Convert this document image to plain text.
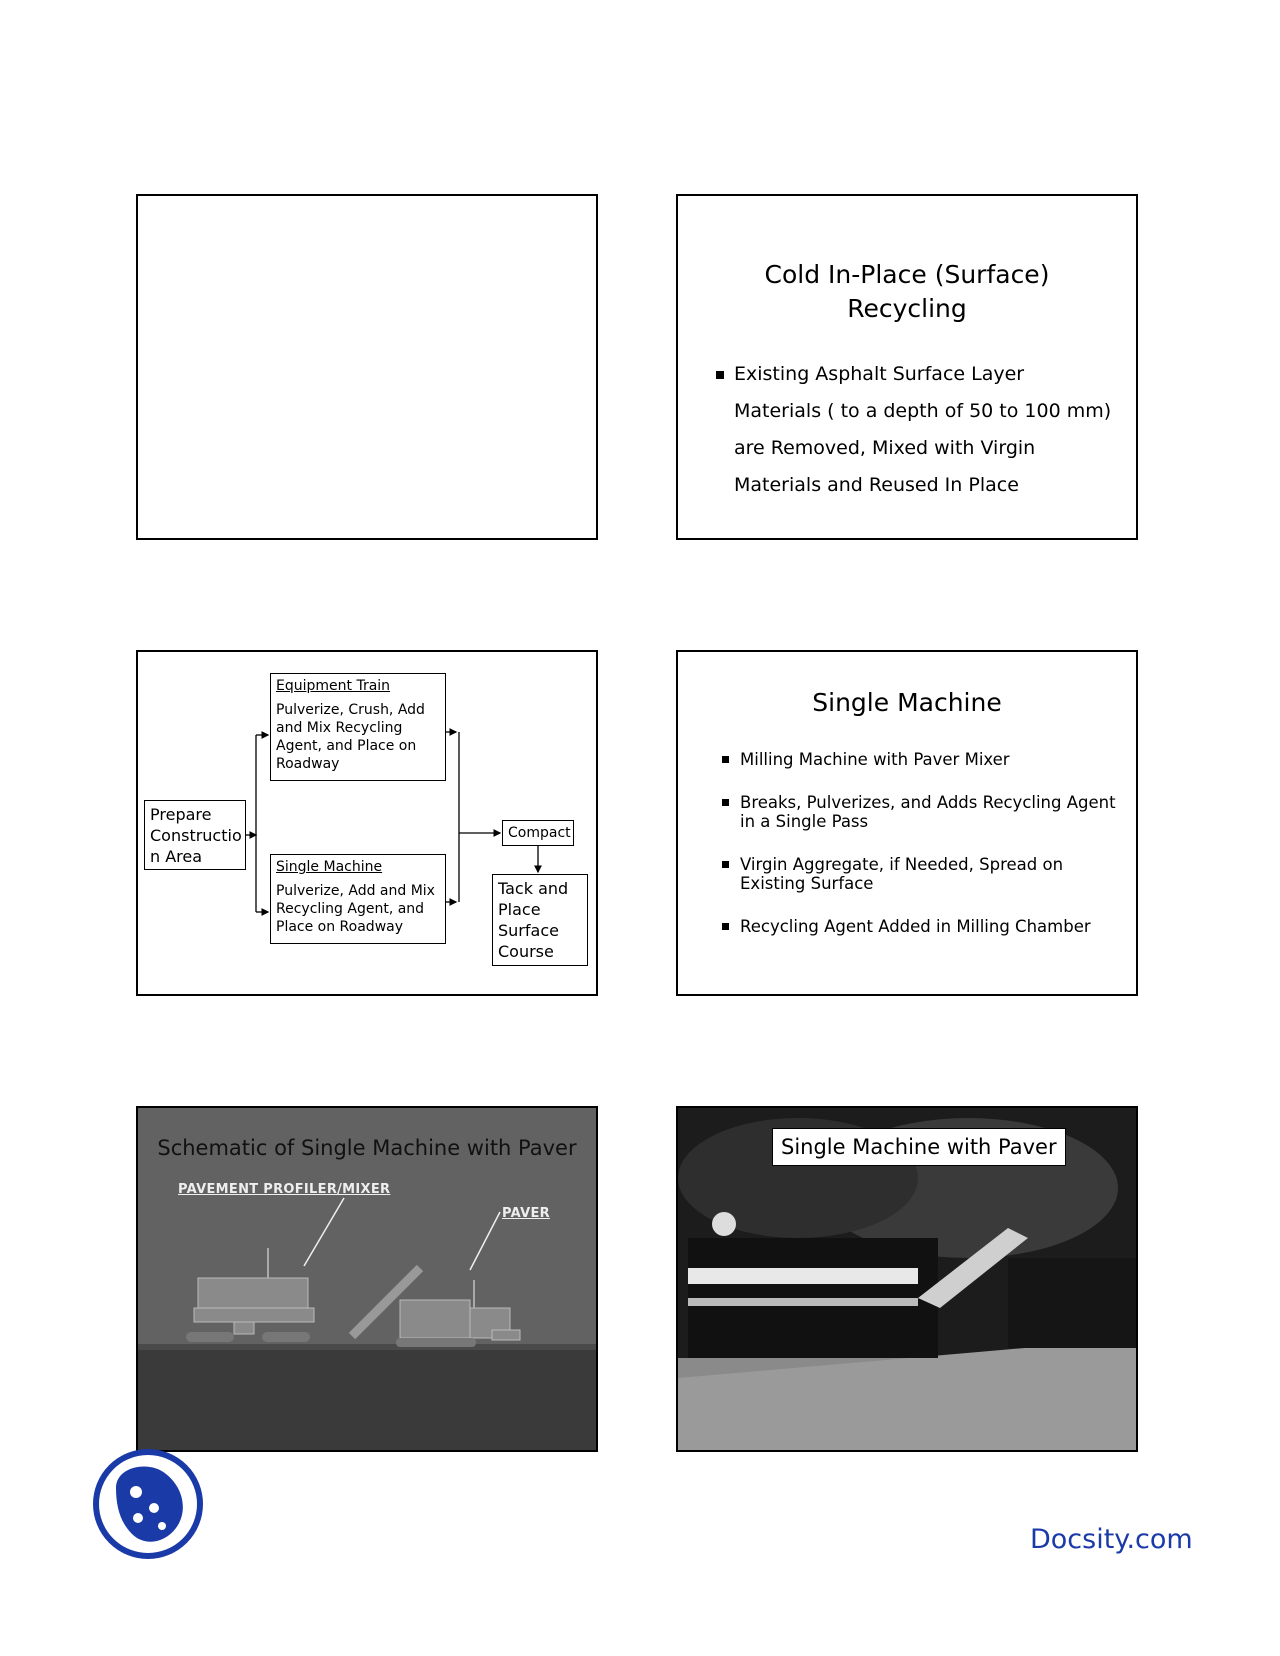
Cold In-Place (Surface)
Recycling
Existing Asphalt Surface Layer Materials ( to a depth of 50 to 100 mm) are Removed, Mixed with Virgin Materials and Reused In Place
Prepare Constructio n Area
Equipment Train
Pulverize, Crush, Add and Mix Recycling Agent, and Place on Roadway
Single Machine
Pulverize, Add and Mix Recycling Agent, and Place on Roadway
Compact
Tack and Place Surface Course
Single Machine
Milling Machine with Paver Mixer
Breaks, Pulverizes, and Adds Recycling Agent in a Single Pass
Virgin Aggregate, if Needed, Spread on Existing Surface
Recycling Agent Added in Milling Chamber
Schematic of Single Machine with Paver
PAVEMENT PROFILER/MIXER
PAVER
Single Machine with Paver
Docsity.com
